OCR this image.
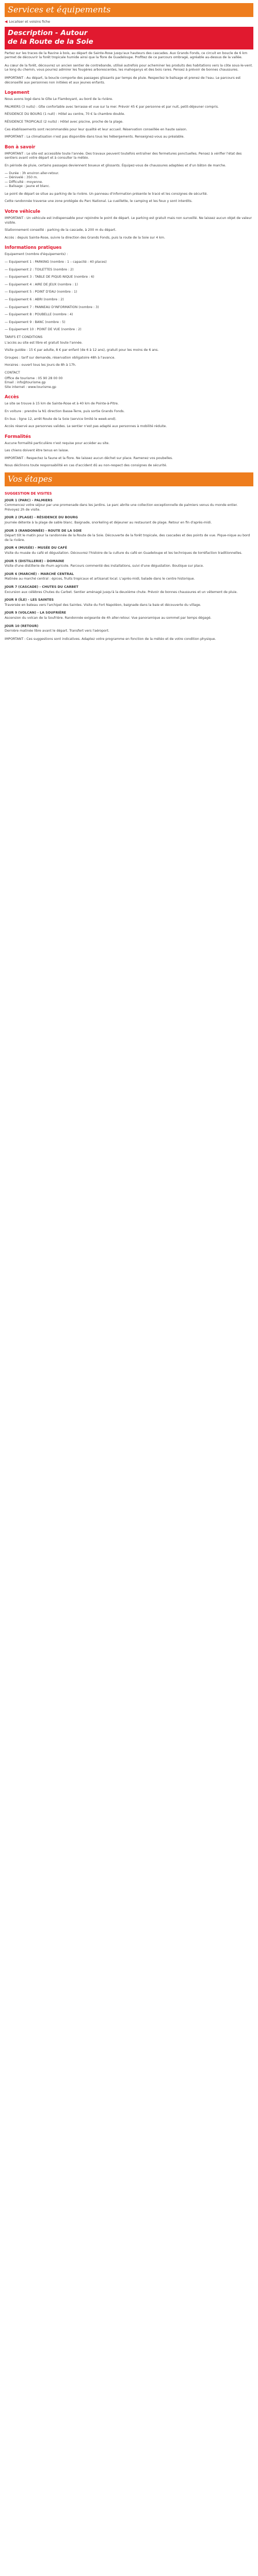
Services et équipements
◀ Localiser et voisins fiche
Description - Autour
de la Route de la Soie

Partez sur les traces de la Ravine à bois, au départ de Sainte-Rose jusqu'aux hauteurs des cascades. Aux Grands Fonds, ce circuit en boucle de 6 km permet de découvrir la forêt tropicale humide ainsi que la flore de Guadeloupe. Profitez de ce parcours ombragé, agréable au-dessus de la vallée.

Au cœur de la forêt, découvrez un ancien sentier de contrebande, utilisé autrefois pour acheminer les produits des habitations vers la côte sous-le-vent. Le long du chemin, vous pourrez admirer les fougères arborescentes, les mahoganys et des bois rares. Pensez à prévoir de bonnes chaussures.

IMPORTANT : Au départ, la boucle comporte des passages glissants par temps de pluie. Respectez le balisage et prenez de l'eau. Le parcours est déconseillé aux personnes non initiées et aux jeunes enfants.

Logement

Nous avons logé dans le Gîte Le Flamboyant, au bord de la rivière.

PALMIERS (3 nuits) : Gîte confortable avec terrasse et vue sur la mer. Prévoir 45 € par personne et par nuit, petit-déjeuner compris.

RÉSIDENCE DU BOURG (1 nuit) : Hôtel au centre, 70 € la chambre double.

RÉSIDENCE TROPICALE (2 nuits) : Hôtel avec piscine, proche de la plage.

Ces établissements sont recommandés pour leur qualité et leur accueil. Réservation conseillée en haute saison.

IMPORTANT : La climatisation n'est pas disponible dans tous les hébergements. Renseignez-vous au préalable.

Bon à savoir

IMPORTANT : Le site est accessible toute l'année. Des travaux peuvent toutefois entraîner des fermetures ponctuelles. Pensez à vérifier l'état des sentiers avant votre départ et à consulter la météo.

En période de pluie, certains passages deviennent boueux et glissants. Équipez-vous de chaussures adaptées et d'un bâton de marche.

— Durée : 3h environ aller-retour.

— Dénivelé : 350 m.

— Difficulté : moyenne.

— Balisage : jaune et blanc.

Le point de départ se situe au parking de la rivière. Un panneau d'information présente le tracé et les consignes de sécurité.

Cette randonnée traverse une zone protégée du Parc National. La cueillette, le camping et les feux y sont interdits.

Votre véhicule

IMPORTANT : Un véhicule est indispensable pour rejoindre le point de départ. Le parking est gratuit mais non surveillé. Ne laissez aucun objet de valeur visible.

Stationnement conseillé : parking de la cascade, à 200 m du départ.

Accès : depuis Sainte-Rose, suivre la direction des Grands Fonds, puis la route de la Soie sur 4 km.

Informations pratiques

Equipement (nombre d'équipements) :

— Equipement 1 : PARKING (nombre : 1 – capacité : 40 places)

— Equipement 2 : TOILETTES (nombre : 2)

— Equipement 3 : TABLE DE PIQUE-NIQUE (nombre : 6)

— Equipement 4 : AIRE DE JEUX (nombre : 1)

— Equipement 5 : POINT D'EAU (nombre : 1)

— Equipement 6 : ABRI (nombre : 2)

— Equipement 7 : PANNEAU D'INFORMATION (nombre : 3)

— Equipement 8 : POUBELLE (nombre : 4)

— Equipement 9 : BANC (nombre : 5)

— Equipement 10 : POINT DE VUE (nombre : 2)

TARIFS ET CONDITIONS

L'accès au site est libre et gratuit toute l'année.

Visite guidée : 15 € par adulte, 8 € par enfant (de 6 à 12 ans), gratuit pour les moins de 6 ans.

Groupes : tarif sur demande, réservation obligatoire 48h à l'avance.

Horaires : ouvert tous les jours de 8h à 17h.

CONTACT

Office de tourisme : 05 90 28 00 00

Email : info@tourisme.gp

Site internet : www.tourisme.gp

Accès

Le site se trouve à 15 km de Sainte-Rose et à 40 km de Pointe-à-Pitre.

En voiture : prendre la N1 direction Basse-Terre, puis sortie Grands Fonds.

En bus : ligne 12, arrêt Route de la Soie (service limité le week-end).

Accès réservé aux personnes valides. Le sentier n'est pas adapté aux personnes à mobilité réduite.

Formalités

Aucune formalité particulière n'est requise pour accéder au site.

Les chiens doivent être tenus en laisse.

IMPORTANT : Respectez la faune et la flore. Ne laissez aucun déchet sur place. Ramenez vos poubelles.

Nous déclinons toute responsabilité en cas d'accident dû au non-respect des consignes de sécurité.

Vos étapes
SUGGESTION DE VISITES
JOUR 1 (PARC) - PALMIERS
Commencez votre séjour par une promenade dans les jardins. Le parc abrite une collection exceptionnelle de palmiers venus du monde entier. Prévoyez 2h de visite.
JOUR 2 (PLAGE) - RÉSIDENCE DU BOURG
Journée détente à la plage de sable blanc. Baignade, snorkeling et déjeuner au restaurant de plage. Retour en fin d'après-midi.
JOUR 3 (RANDONNÉE) - ROUTE DE LA SOIE
Départ tôt le matin pour la randonnée de la Route de la Soie. Découverte de la forêt tropicale, des cascades et des points de vue. Pique-nique au bord de la rivière.
JOUR 4 (MUSÉE) - MUSÉE DU CAFÉ
Visite du musée du café et dégustation. Découvrez l'histoire de la culture du café en Guadeloupe et les techniques de torréfaction traditionnelles.
JOUR 5 (DISTILLERIE) - DOMAINE
Visite d'une distillerie de rhum agricole. Parcours commenté des installations, suivi d'une dégustation. Boutique sur place.
JOUR 6 (MARCHÉ) - MARCHÉ CENTRAL
Matinée au marché central : épices, fruits tropicaux et artisanat local. L'après-midi, balade dans le centre historique.
JOUR 7 (CASCADE) - CHUTES DU CARBET
Excursion aux célèbres Chutes du Carbet. Sentier aménagé jusqu'à la deuxième chute. Prévoir de bonnes chaussures et un vêtement de pluie.
JOUR 8 (ÎLE) - LES SAINTES
Traversée en bateau vers l'archipel des Saintes. Visite du Fort Napoléon, baignade dans la baie et découverte du village.
JOUR 9 (VOLCAN) - LA SOUFRIÈRE
Ascension du volcan de la Soufrière. Randonnée exigeante de 4h aller-retour. Vue panoramique au sommet par temps dégagé.
JOUR 10 (RETOUR)
Dernière matinée libre avant le départ. Transfert vers l'aéroport.

IMPORTANT : Ces suggestions sont indicatives. Adaptez votre programme en fonction de la météo et de votre condition physique.
